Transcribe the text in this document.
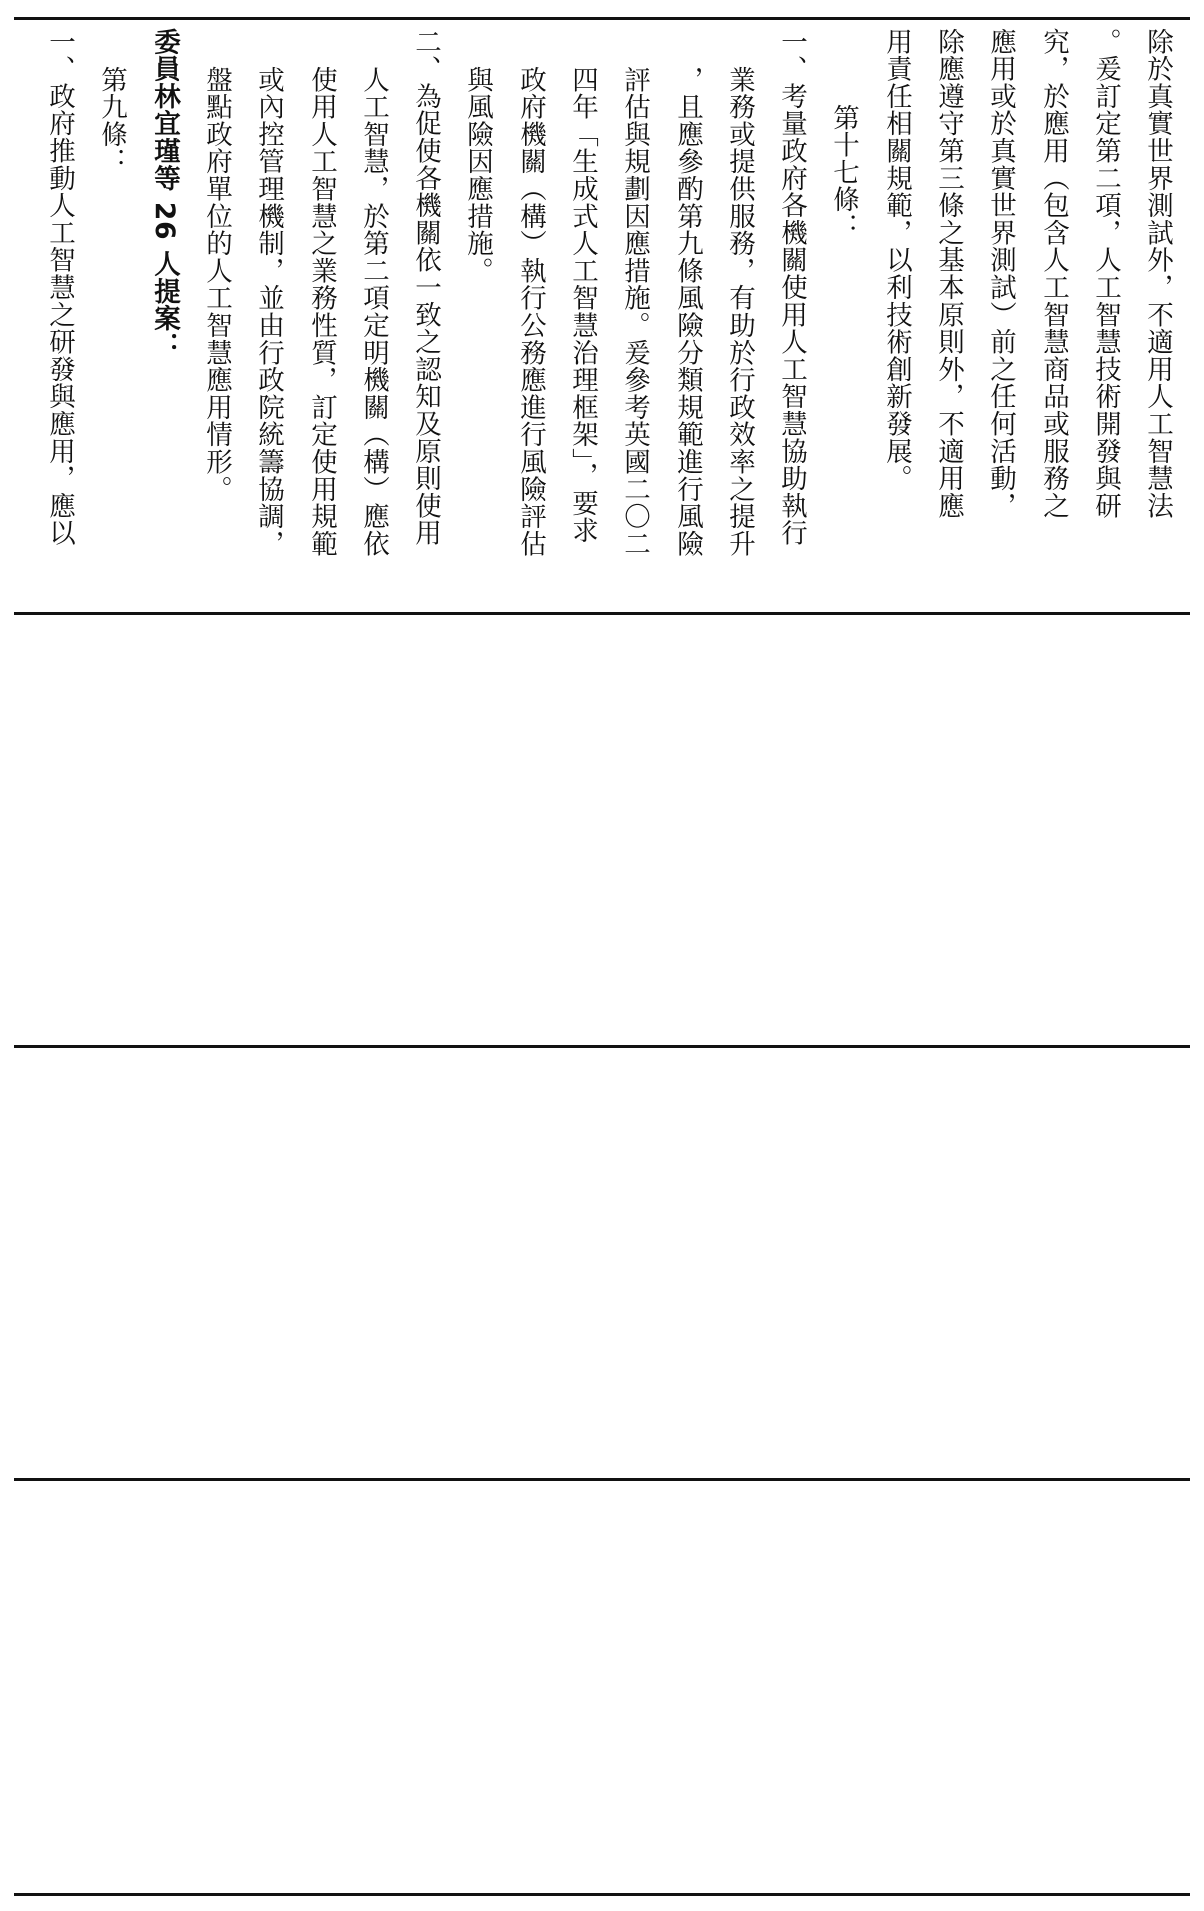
除於真實世界測試外，不適用人工智慧法
。爰訂定第二項，人工智慧技術開發與研
究，於應用（包含人工智慧商品或服務之
應用或於真實世界測試）前之任何活動，
除應遵守第三條之基本原則外，不適用應
用責任相關規範，以利技術創新發展。
第十七條：
一、考量政府各機關使用人工智慧協助執行
業務或提供服務，有助於行政效率之提升
，且應參酌第九條風險分類規範進行風險
評估與規劃因應措施。爰參考英國二〇二
四年「生成式人工智慧治理框架」，要求
政府機關（構）執行公務應進行風險評估
與風險因應措施。
二、為促使各機關依一致之認知及原則使用
人工智慧，於第二項定明機關（構）應依
使用人工智慧之業務性質，訂定使用規範
或內控管理機制，並由行政院統籌協調，
盤點政府單位的人工智慧應用情形。
委員林宜瑾等 26 人提案：
第九條：
一、政府推動人工智慧之研發與應用，應以
